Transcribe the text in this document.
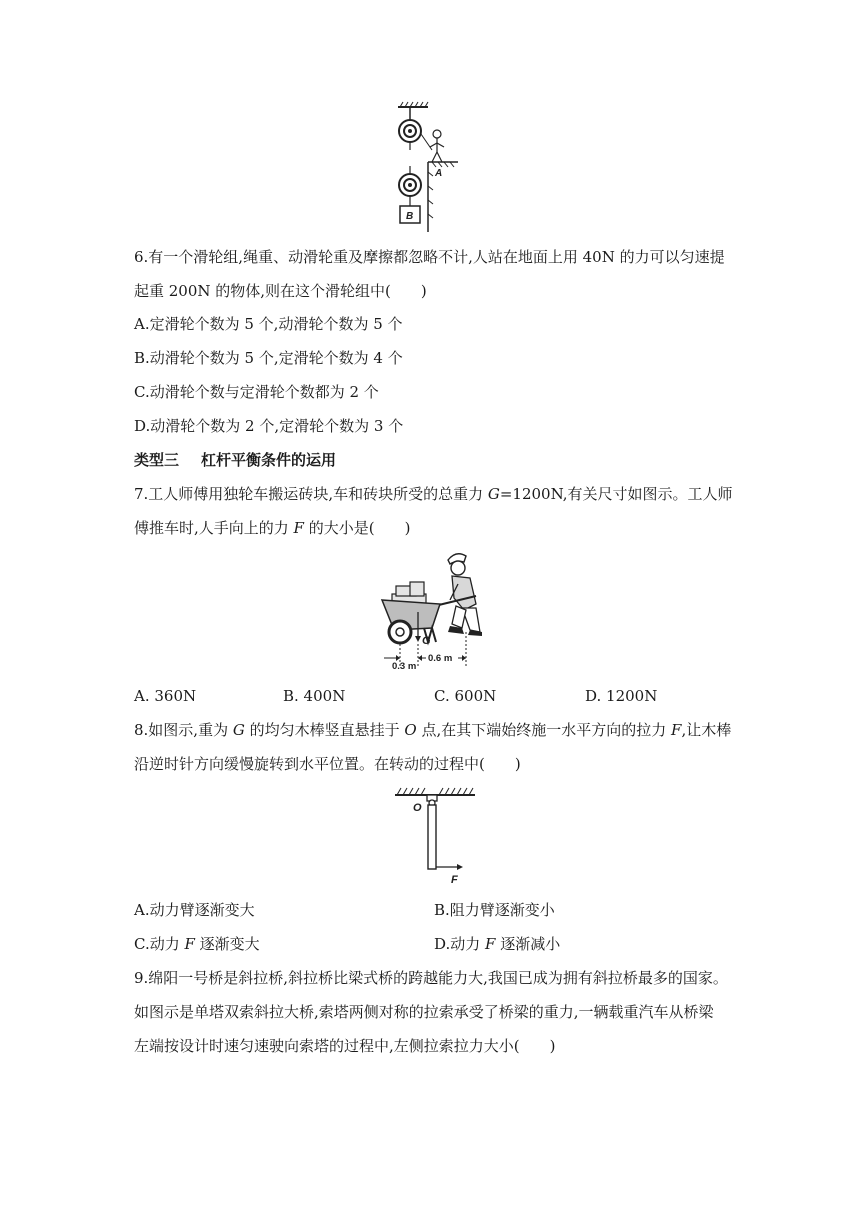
B
A
6.有一个滑轮组,绳重、动滑轮重及摩擦都忽略不计,人站在地面上用 40N 的力可以匀速提
起重 200N 的物体,则在这个滑轮组中(　　)
A.定滑轮个数为 5 个,动滑轮个数为 5 个
B.动滑轮个数为 5 个,定滑轮个数为 4 个
C.动滑轮个数与定滑轮个数都为 2 个
D.动滑轮个数为 2 个,定滑轮个数为 3 个
类型三 杠杆平衡条件的运用
7.工人师傅用独轮车搬运砖块,车和砖块所受的总重力 G=1200N,有关尺寸如图示。工人师
傅推车时,人手向上的力 F 的大小是(　　)
G
0.3 m
0.6 m
A. 360N	B. 400N	C. 600N	D. 1200N
8.如图示,重为 G 的均匀木棒竖直悬挂于 O 点,在其下端始终施一水平方向的拉力 F,让木棒
沿逆时针方向缓慢旋转到水平位置。在转动的过程中(　　)
O
F
A.动力臂逐渐变大	B.阻力臂逐渐变小
C.动力 F 逐渐变大	D.动力 F 逐渐减小
9.绵阳一号桥是斜拉桥,斜拉桥比梁式桥的跨越能力大,我国已成为拥有斜拉桥最多的国家。
如图示是单塔双索斜拉大桥,索塔两侧对称的拉索承受了桥梁的重力,一辆载重汽车从桥梁
左端按设计时速匀速驶向索塔的过程中,左侧拉索拉力大小(　　)
